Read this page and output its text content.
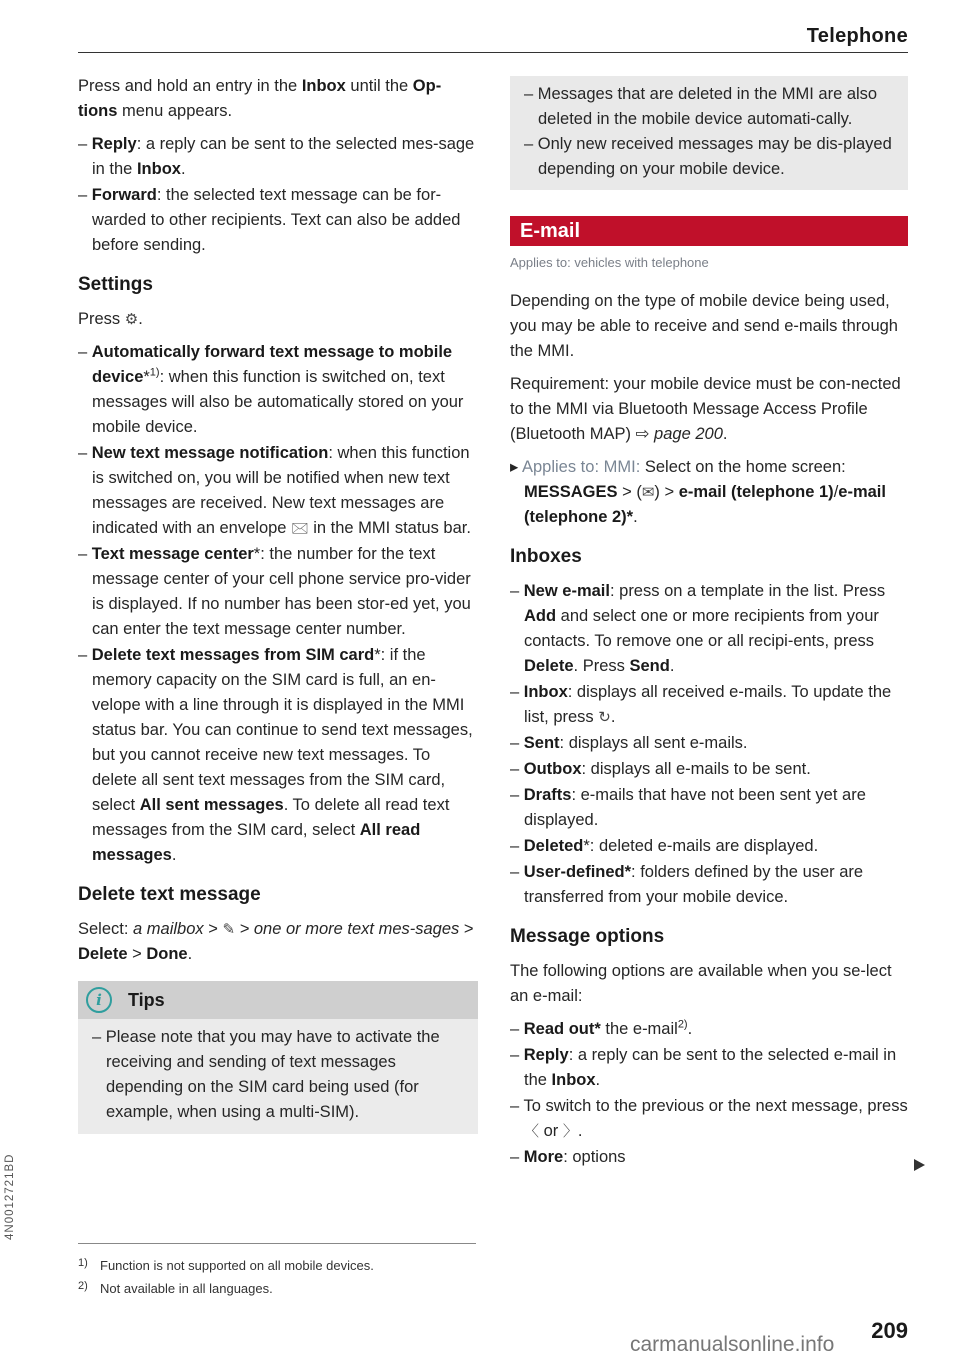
Telephone

Press and hold an entry in the Inbox until the Op-tions menu appears.

– Reply: a reply can be sent to the selected mes-sage in the Inbox.
– Forward: the selected text message can be for-warded to other recipients. Text can also be added before sending.
Settings

Press ⚙.

– Automatically forward text message to mobile device*$^{1)}$: when this function is switched on, text messages will also be automatically stored on your mobile device.
– New text message notification: when this function is switched on, you will be notified when new text messages are received. New text messages are indicated with an envelope 🖂 in the MMI status bar.
– Text message center*: the number for the text message center of your cell phone service pro-vider is displayed. If no number has been stor-ed yet, you can enter the text message center number.
– Delete text messages from SIM card*: if the memory capacity on the SIM card is full, an en-velope with a line through it is displayed in the MMI status bar. You can continue to send text messages, but you cannot receive new text messages. To delete all sent text messages from the SIM card, select All sent messages. To delete all read text messages from the SIM card, select All read messages.
Delete text message

Select: a mailbox > ✎ > one or more text mes-sages > Delete > Done.

i	Tips
– Please note that you may have to activate the receiving and sending of text messages depending on the SIM card being used (for example, when using a multi-SIM).
– Messages that are deleted in the MMI are also deleted in the mobile device automati-cally.
– Only new received messages may be dis-played depending on your mobile device.
E-mail
Applies to: vehicles with telephone

Depending on the type of mobile device being used, you may be able to receive and send e-mails through the MMI.

Requirement: your mobile device must be con-nected to the MMI via Bluetooth Message Access Profile (Bluetooth MAP) ⇨ page 200.

▸ Applies to: MMI: Select on the home screen: MESSAGES > (✉) > e-mail (telephone 1)/e-mail (telephone 2)*.
Inboxes
– New e-mail: press on a template in the list. Press Add and select one or more recipients from your contacts. To remove one or all recipi-ents, press Delete. Press Send.
– Inbox: displays all received e-mails. To update the list, press ↻.
– Sent: displays all sent e-mails.
– Outbox: displays all e-mails to be sent.
– Drafts: e-mails that have not been sent yet are displayed.
– Deleted*: deleted e-mails are displayed.
– User-defined*: folders defined by the user are transferred from your mobile device.
Message options

The following options are available when you se-lect an e-mail:

– Read out* the e-mail$^{2)}$.
– Reply: a reply can be sent to the selected e-mail in the Inbox.
– To switch to the previous or the next message, press 〈 or 〉.
– More: options
1) Function is not supported on all mobile devices.
2) Not available in all languages.
209
4N0012721BD
carmanualsonline.info
